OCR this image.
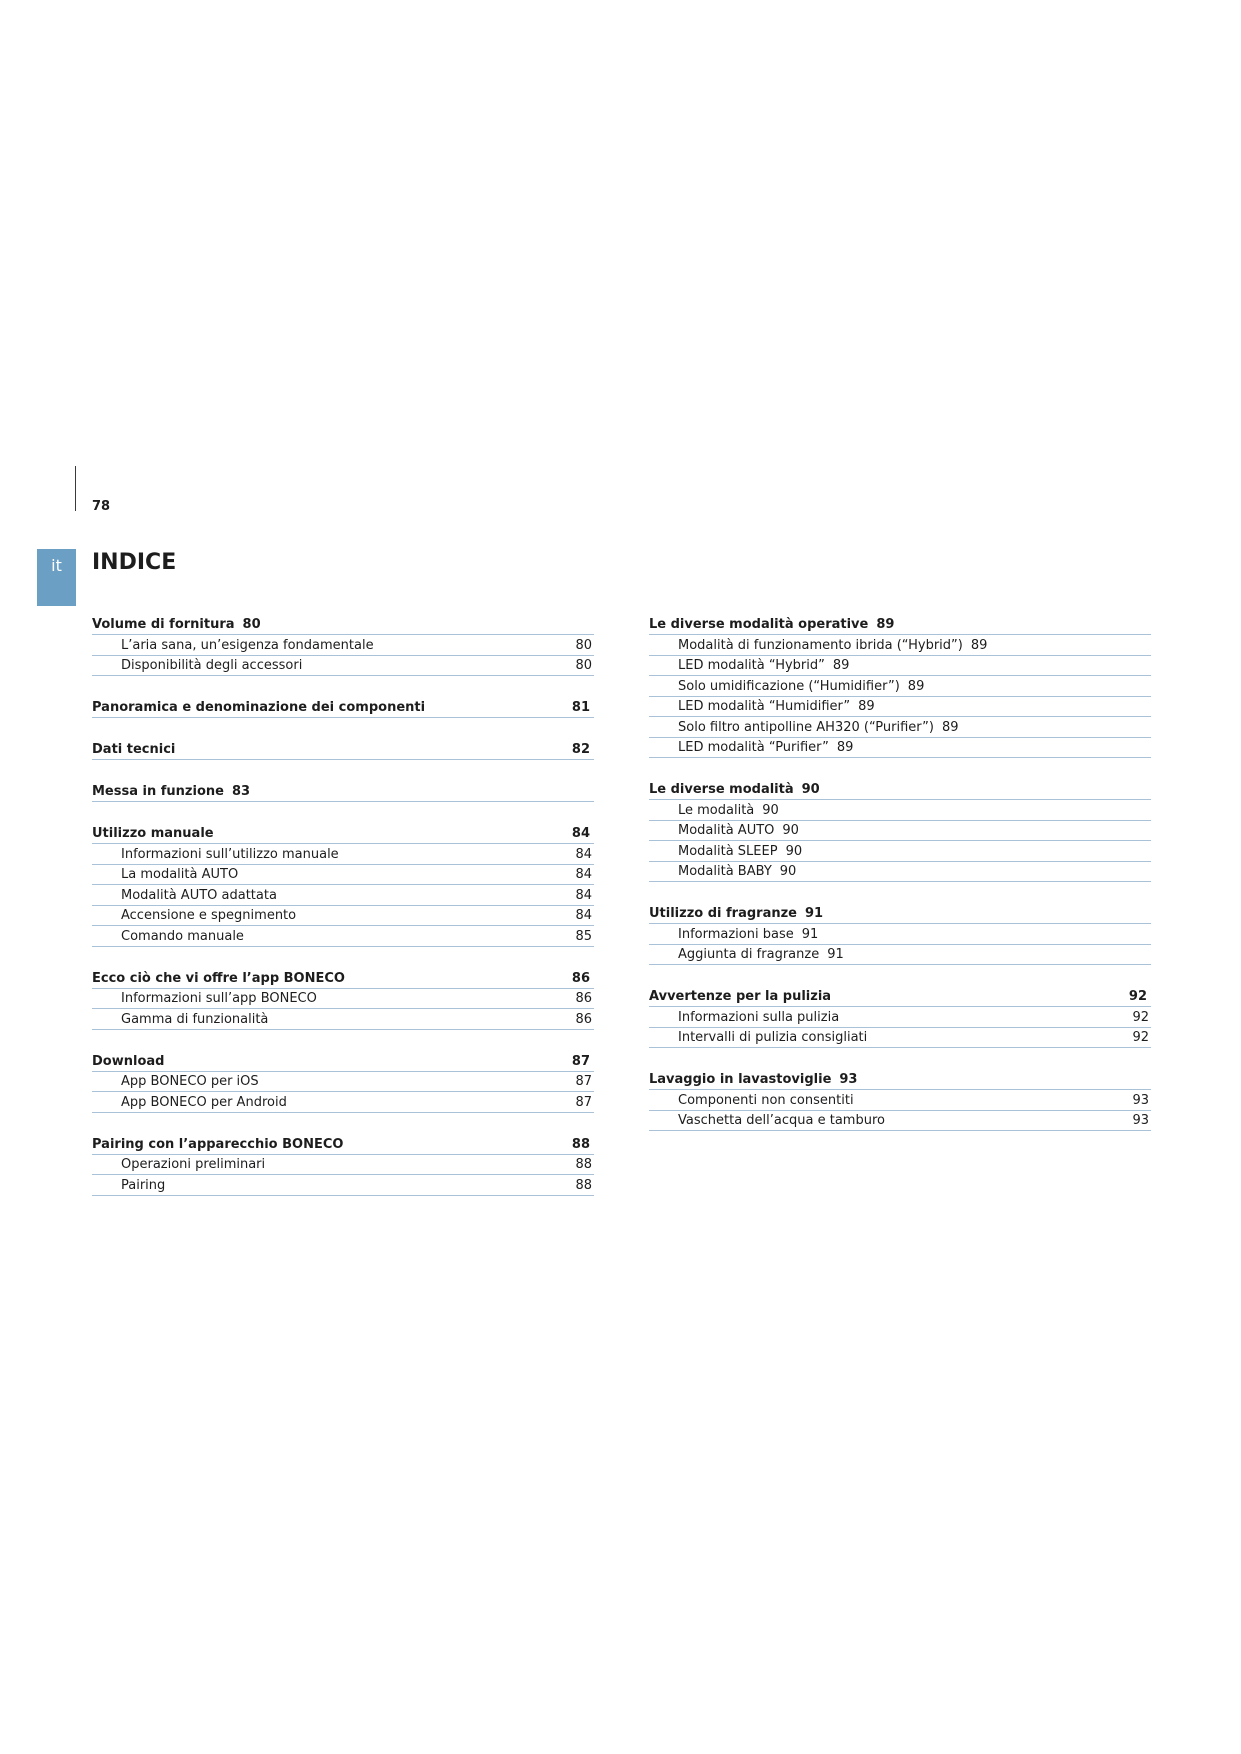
78
it	INDICE
Volume di fornitura 80
L’aria sana, un’esigenza fondamentale	80
Disponibilità degli accessori	80
Panoramica e denominazione dei componenti	81
Dati tecnici	82
Messa in funzione 83
Utilizzo manuale	84
Informazioni sull’utilizzo manuale	84
La modalità AUTO	84
Modalità AUTO adattata	84
Accensione e spegnimento	84
Comando manuale	85
Ecco ciò che vi offre l’app BONECO	86
Informazioni sull’app BONECO	86
Gamma di funzionalità	86
Download	87
App BONECO per iOS	87
App BONECO per Android	87
Pairing con l’apparecchio BONECO	88
Operazioni preliminari	88
Pairing	88
Le diverse modalità operative 89
Modalità di funzionamento ibrida (“Hybrid”) 89
LED modalità “Hybrid” 89
Solo umidificazione (“Humidifier”) 89
LED modalità “Humidifier” 89
Solo filtro antipolline AH320 (“Purifier”) 89
LED modalità “Purifier” 89
Le diverse modalità 90
Le modalità 90
Modalità AUTO 90
Modalità SLEEP 90
Modalità BABY 90
Utilizzo di fragranze 91
Informazioni base 91
Aggiunta di fragranze 91
Avvertenze per la pulizia	92
Informazioni sulla pulizia	92
Intervalli di pulizia consigliati	92
Lavaggio in lavastoviglie 93
Componenti non consentiti	93
Vaschetta dell’acqua e tamburo	93
